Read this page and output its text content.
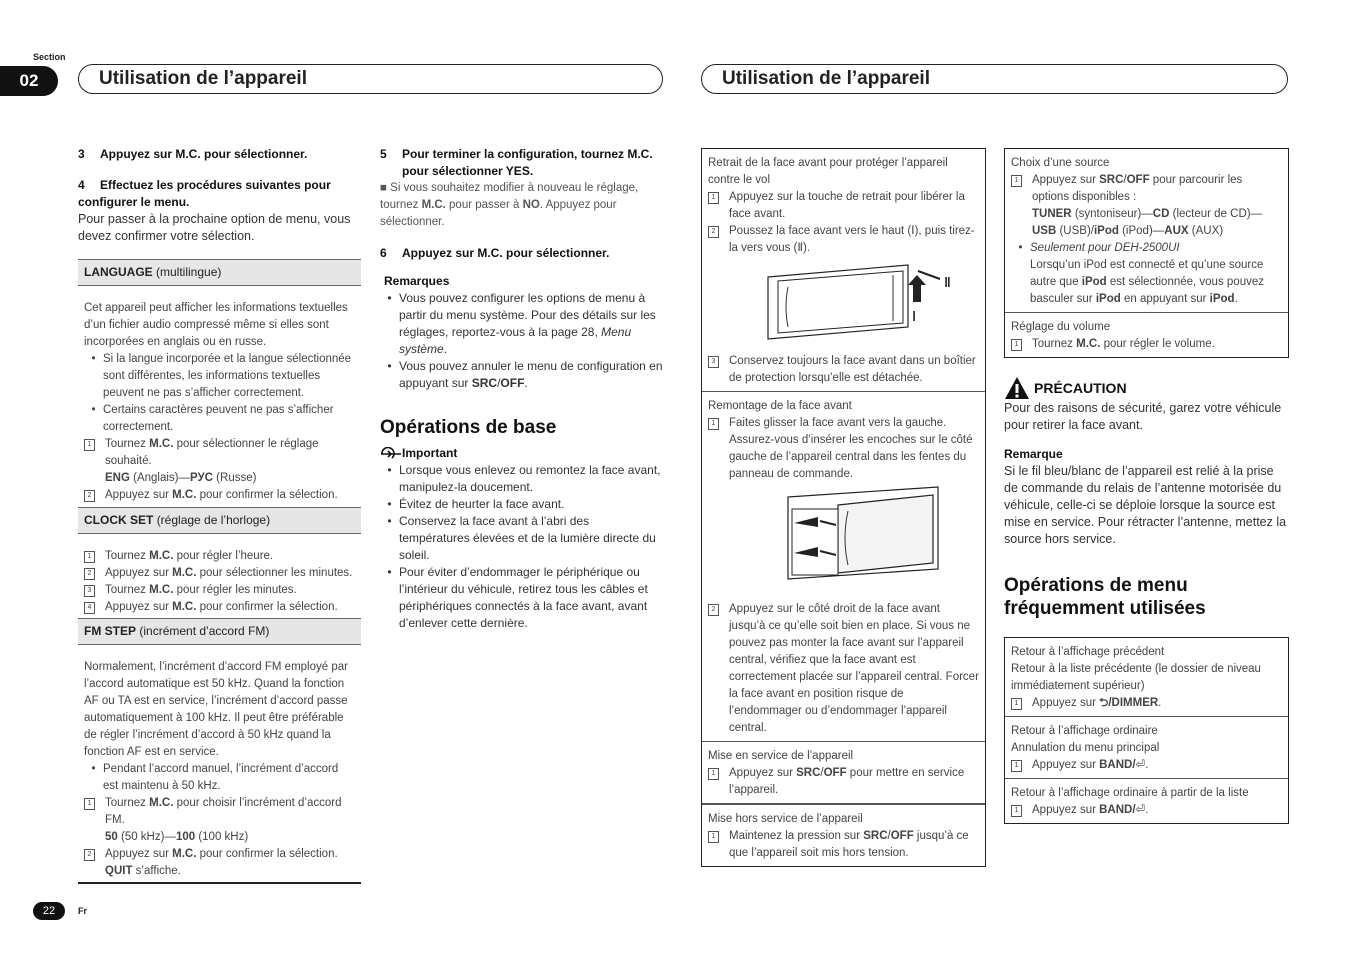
Section
02	Utilisation de l’appareil	Utilisation de l’appareil
3 Appuyez sur M.C. pour sélectionner.
4 Effectuez les procédures suivantes pour configurer le menu.

Pour passer à la prochaine option de menu, vous devez confirmer votre sélection.

LANGUAGE (multilingue)

Cet appareil peut afficher les informations textuelles d’un fichier audio compressé même si elles sont incorporées en anglais ou en russe.

• Si la langue incorporée et la langue sélectionnée sont différentes, les informations textuelles peuvent ne pas s’afficher correctement.
• Certains caractères peuvent ne pas s’afficher correctement.
1	Tournez M.C. pour sélectionner le réglage souhaité.
ENG (Anglais)—РУС (Russe)
2	Appuyez sur M.C. pour confirmer la sélection.
CLOCK SET (réglage de l’horloge)
1	Tournez M.C. pour régler l’heure.
2	Appuyez sur M.C. pour sélectionner les minutes.
3	Tournez M.C. pour régler les minutes.
4	Appuyez sur M.C. pour confirmer la sélection.
FM STEP (incrément d’accord FM)

Normalement, l’incrément d’accord FM employé par l’accord automatique est 50 kHz. Quand la fonction AF ou TA est en service, l’incrément d’accord passe automatiquement à 100 kHz. Il peut être préférable de régler l’incrément d’accord à 50 kHz quand la fonction AF est en service.

• Pendant l’accord manuel, l’incrément d’accord est maintenu à 50 kHz.
1	Tournez M.C. pour choisir l’incrément d’accord FM.
50 (50 kHz)—100 (100 kHz)
2	Appuyez sur M.C. pour confirmer la sélection.
QUIT s’affiche.
5	Pour terminer la configuration, tournez M.C. pour sélectionner YES.

■ Si vous souhaitez modifier à nouveau le réglage, tournez M.C. pour passer à NO. Appuyez pour sélectionner.

6 Appuyez sur M.C. pour sélectionner.
Remarques
• Vous pouvez configurer les options de menu à partir du menu système. Pour des détails sur les réglages, reportez-vous à la page 28, Menu système.
• Vous pouvez annuler le menu de configuration en appuyant sur SRC/OFF.
Opérations de base
Important
• Lorsque vous enlevez ou remontez la face avant, manipulez-la doucement.
• Évitez de heurter la face avant.
• Conservez la face avant à l’abri des températures élevées et de la lumière directe du soleil.
• Pour éviter d’endommager le périphérique ou l’intérieur du véhicule, retirez tous les câbles et périphériques connectés à la face avant, avant d’enlever cette dernière.

Retrait de la face avant pour protéger l’appareil contre le vol

1	Appuyez sur la touche de retrait pour libérer la face avant.
2	Poussez la face avant vers le haut (Ⅰ), puis tirez-la vers vous (Ⅱ).
Ⅱ
Ⅰ
3	Conservez toujours la face avant dans un boîtier de protection lorsqu’elle est détachée.

Remontage de la face avant

1	Faites glisser la face avant vers la gauche. Assurez-vous d’insérer les encoches sur le côté gauche de l’appareil central dans les fentes du panneau de commande.
2	Appuyez sur le côté droit de la face avant jusqu’à ce qu’elle soit bien en place. Si vous ne pouvez pas monter la face avant sur l’appareil central, vérifiez que la face avant est correctement placée sur l’appareil central. Forcer la face avant en position risque de l’endommager ou d’endommager l’appareil central.

Mise en service de l’appareil

1	Appuyez sur SRC/OFF pour mettre en service l’appareil.

Mise hors service de l’appareil

1	Maintenez la pression sur SRC/OFF jusqu’à ce que l’appareil soit mis hors tension.

Choix d’une source

1	Appuyez sur SRC/OFF pour parcourir les options disponibles :
TUNER (syntoniseur)—CD (lecteur de CD)—
USB (USB)/iPod (iPod)—AUX (AUX)
• Seulement pour DEH-2500UI

Lorsqu’un iPod est connecté et qu’une source autre que iPod est sélectionnée, vous pouvez basculer sur iPod en appuyant sur iPod.

Réglage du volume

1	Tournez M.C. pour régler le volume.
PRÉCAUTION

Pour des raisons de sécurité, garez votre véhicule pour retirer la face avant.

Remarque

Si le fil bleu/blanc de l’appareil est relié à la prise de commande du relais de l’antenne motorisée du véhicule, celle-ci se déploie lorsque la source est mise en service. Pour rétracter l’antenne, mettez la source hors service.

Opérations de menu fréquemment utilisées

Retour à l’affichage précédent

Retour à la liste précédente (le dossier de niveau immédiatement supérieur)

1	Appuyez sur ⮌/DIMMER.

Retour à l’affichage ordinaire

Annulation du menu principal

1	Appuyez sur BAND/⏎.

Retour à l’affichage ordinaire à partir de la liste

1	Appuyez sur BAND/⏎.
22	Fr
